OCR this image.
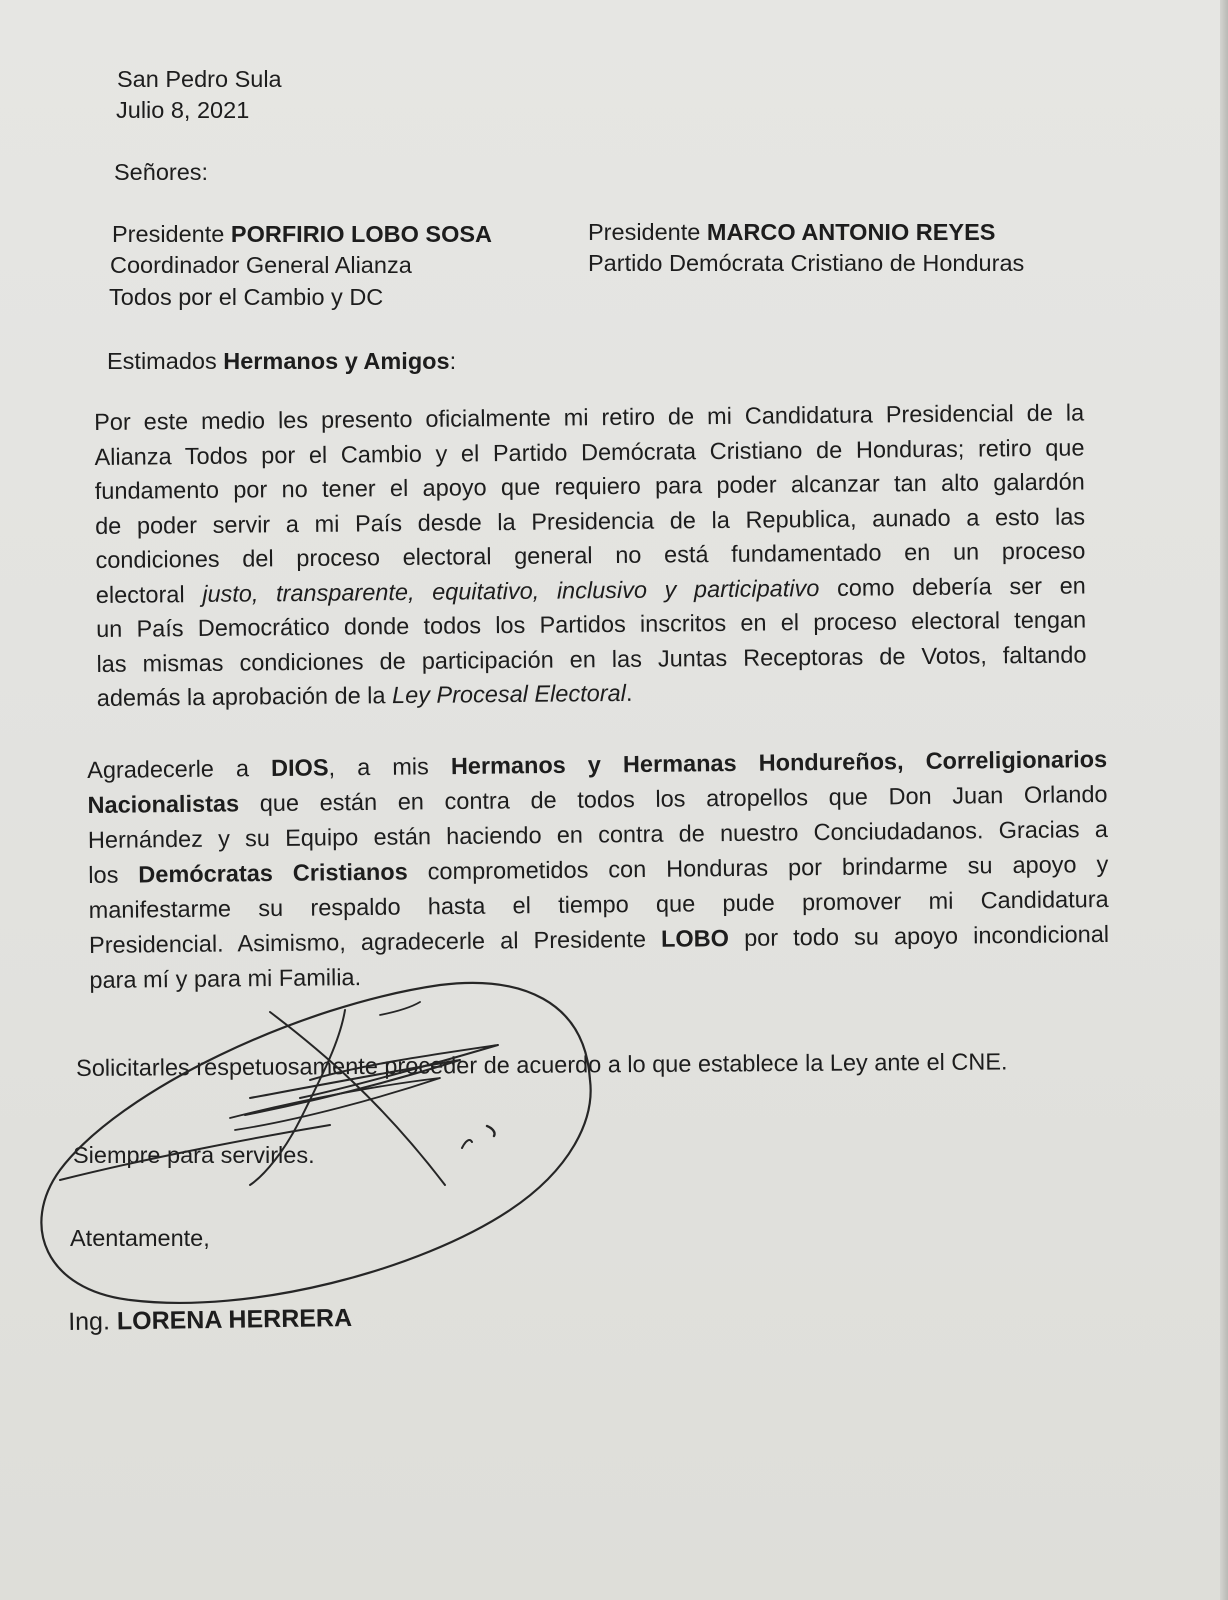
San Pedro Sula
Julio 8, 2021
Señores:
Presidente PORFIRIO LOBO SOSA
Coordinador General Alianza
Todos por el Cambio y DC
Presidente MARCO ANTONIO REYES
Partido Demócrata Cristiano de Honduras
Estimados Hermanos y Amigos:
Por este medio les presento oficialmente mi retiro de mi Candidatura Presidencial de la
Alianza Todos por el Cambio y el Partido Demócrata Cristiano de Honduras; retiro que
fundamento por no tener el apoyo que requiero para poder alcanzar tan alto galardón
de poder servir a mi País desde la Presidencia de la Republica, aunado a esto las
condiciones del proceso electoral general no está fundamentado en un proceso
electoral justo, transparente, equitativo, inclusivo y participativo como debería ser en
un País Democrático donde todos los Partidos inscritos en el proceso electoral tengan
las mismas condiciones de participación en las Juntas Receptoras de Votos, faltando
además la aprobación de la Ley Procesal Electoral.
Agradecerle a DIOS, a mis Hermanos y Hermanas Hondureños, Correligionarios
Nacionalistas que están en contra de todos los atropellos que Don Juan Orlando
Hernández y su Equipo están haciendo en contra de nuestro Conciudadanos. Gracias a
los Demócratas Cristianos comprometidos con Honduras por brindarme su apoyo y
manifestarme su respaldo hasta el tiempo que pude promover mi Candidatura
Presidencial. Asimismo, agradecerle al Presidente LOBO por todo su apoyo incondicional
para mí y para mi Familia.
Solicitarles respetuosamente proceder de acuerdo a lo que establece la Ley ante el CNE.
Siempre para servirles.
Atentamente,
Ing. LORENA HERRERA
